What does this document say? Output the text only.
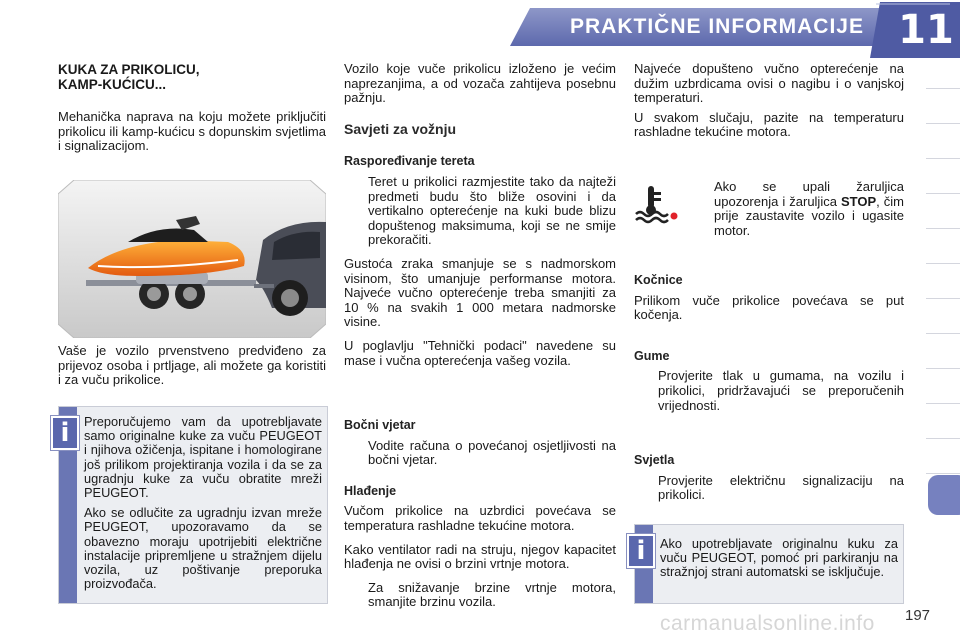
PRAKTIČNE INFORMACIJE 11
KUKA ZA PRIKOLICU,
KAMP-KUĆICU...

Mehanička naprava na koju možete priključiti prikolicu ili kamp-kućicu s dopunskim svjetlima i signalizacijom.

Vaše je vozilo prvenstveno predviđeno za prijevoz osoba i prtljage, ali možete ga koristiti i za vuču prikolice.

Preporučujemo vam da upotrebljavate samo originalne kuke za vuču PEUGEOT i njihova ožičenja, ispitane i homologirane još prilikom projektiranja vozila i da se za ugradnju kuke za vuču obratite mreži PEUGEOT.

Ako se odlučite za ugradnju izvan mreže PEUGEOT, upozoravamo da se obavezno moraju upotrijebiti električne instalacije pripremljene u stražnjem dijelu vozila, uz poštivanje preporuka proizvođača.

i

Vozilo koje vuče prikolicu izloženo je većim naprezanjima, a od vozača zahtijeva posebnu pažnju.

Savjeti za vožnju
Raspoređivanje tereta
Teret u prikolici razmjestite tako da najteži predmeti budu što bliže osovini i da vertikalno opterećenje na kuki bude blizu dopuštenog maksimuma, koji se ne smije prekoračiti.

Gustoća zraka smanjuje se s nadmorskom visinom, što umanjuje performanse motora. Najveće vučno opterećenje treba smanjiti za 10 % na svakih 1 000 metara nadmorske visine.

U poglavlju "Tehnički podaci" navedene su mase i vučna opterećenja vašeg vozila.

Bočni vjetar
Vodite računa o povećanoj osjetljivosti na bočni vjetar.
Hlađenje

Vučom prikolice na uzbrdici povećava se temperatura rashladne tekućine motora.

Kako ventilator radi na struju, njegov kapacitet hlađenja ne ovisi o brzini vrtnje motora.

Za snižavanje brzine vrtnje motora, smanjite brzinu vozila.

Najveće dopušteno vučno opterećenje na dužim uzbrdicama ovisi o nagibu i o vanjskoj temperaturi.

U svakom slučaju, pazite na temperaturu rashladne tekućine motora.

Ako se upali žaruljica upozorenja i žaruljica STOP, čim prije zaustavite vozilo i ugasite motor.
Kočnice

Prilikom vuče prikolice povećava se put kočenja.

Gume
Provjerite tlak u gumama, na vozilu i prikolici, pridržavajući se preporučenih vrijednosti.
Svjetla
Provjerite električnu signalizaciju na prikolici.

Ako upotrebljavate originalnu kuku za vuču PEUGEOT, pomoć pri parkiranju na stražnjoj strani automatski se isključuje.

i
carmanualsonline.info 197
